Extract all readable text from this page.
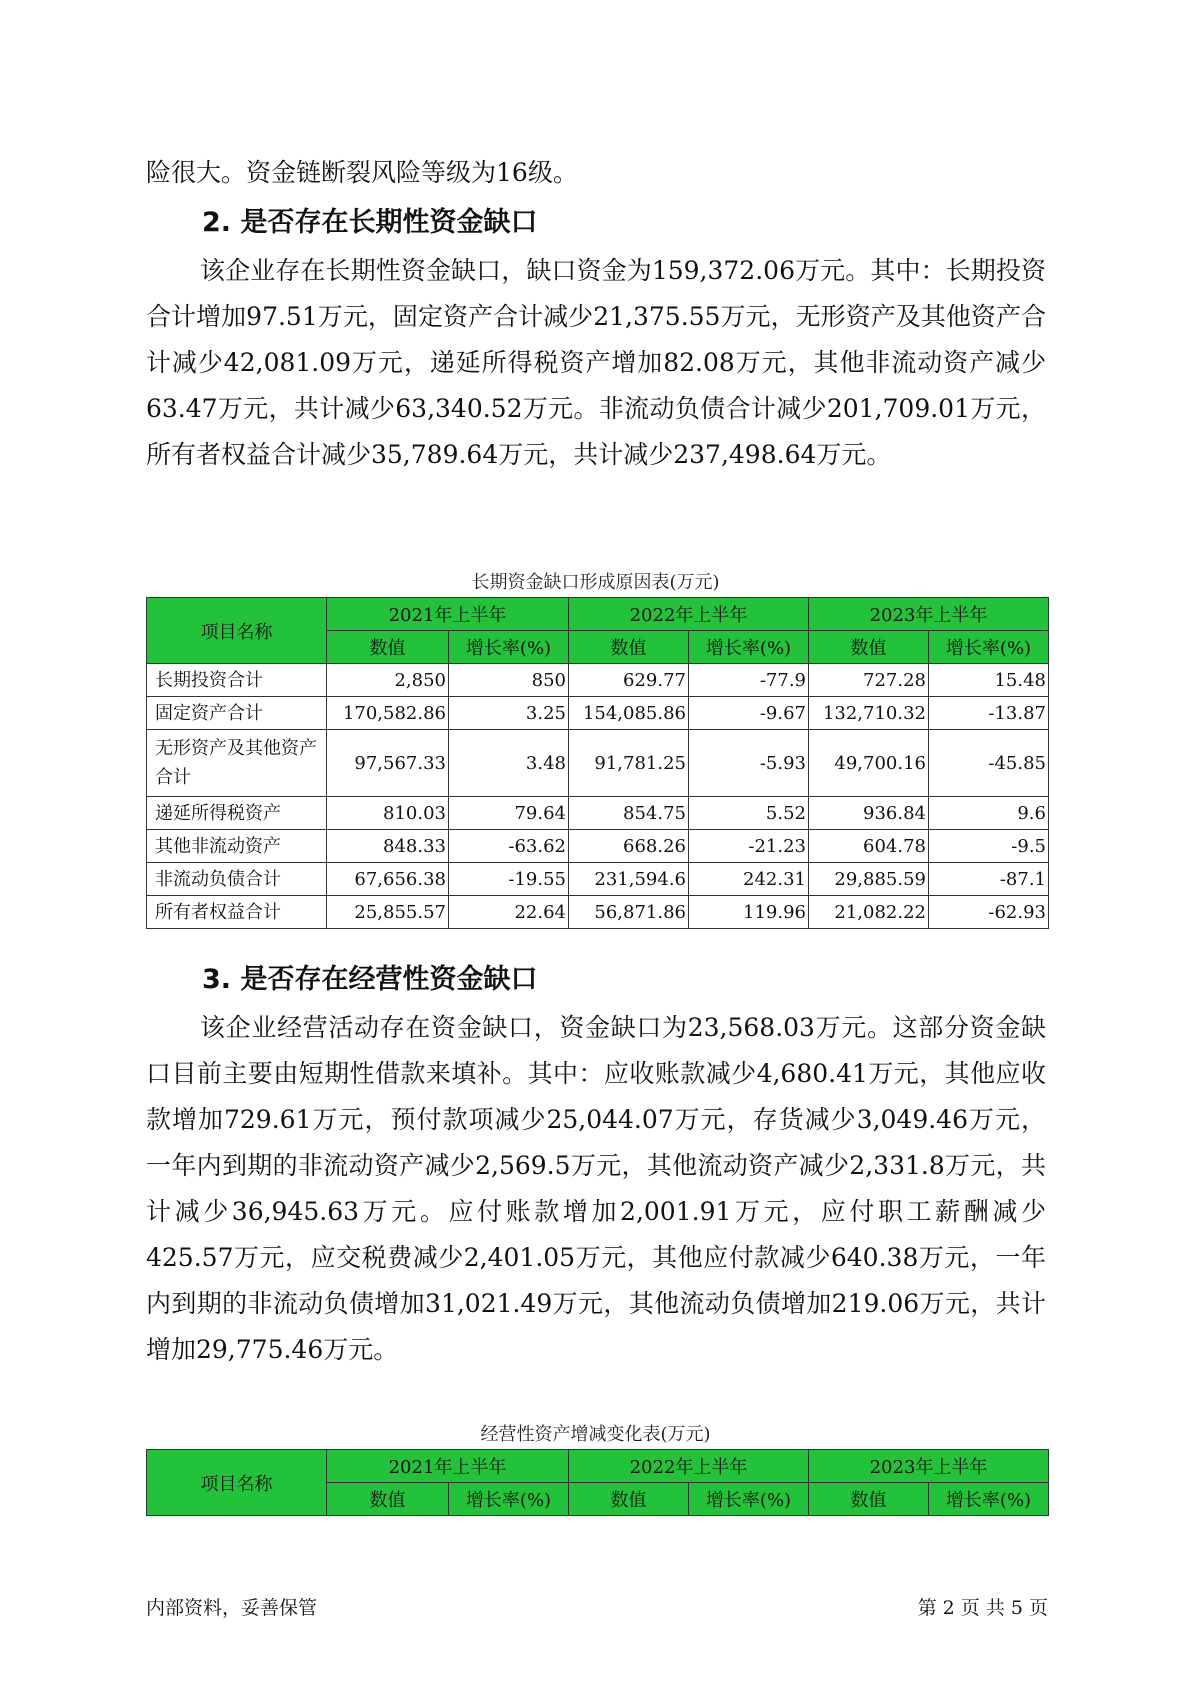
险很大。资金链断裂风险等级为16级。

2. 是否存在长期性资金缺口

该企业存在长期性资金缺口，缺口资金为159,372.06万元。其中：长期投资合计增加97.51万元，固定资产合计减少21,375.55万元，无形资产及其他资产合计减少42,081.09万元，递延所得税资产增加82.08万元，其他非流动资产减少63.47万元，共计减少63,340.52万元。非流动负债合计减少201,709.01万元，所有者权益合计减少35,789.64万元，共计减少237,498.64万元。

长期资金缺口形成原因表(万元)

项目名称	2021年上半年		2022年上半年		2023年上半年	
	数值	增长率(%)	数值	增长率(%)	数值	增长率(%)
长期投资合计	2,850	850	629.77	-77.9	727.28	15.48
固定资产合计	170,582.86	3.25	154,085.86	-9.67	132,710.32	-13.87
无形资产及其他资产合计	97,567.33	3.48	91,781.25	-5.93	49,700.16	-45.85
递延所得税资产	810.03	79.64	854.75	5.52	936.84	9.6
其他非流动资产	848.33	-63.62	668.26	-21.23	604.78	-9.5
非流动负债合计	67,656.38	-19.55	231,594.6	242.31	29,885.59	-87.1
所有者权益合计	25,855.57	22.64	56,871.86	119.96	21,082.22	-62.93
3. 是否存在经营性资金缺口

该企业经营活动存在资金缺口，资金缺口为23,568.03万元。这部分资金缺口目前主要由短期性借款来填补。其中：应收账款减少4,680.41万元，其他应收款增加729.61万元，预付款项减少25,044.07万元，存货减少3,049.46万元，一年内到期的非流动资产减少2,569.5万元，其他流动资产减少2,331.8万元，共计减少36,945.63万元。应付账款增加2,001.91万元，应付职工薪酬减少425.57万元，应交税费减少2,401.05万元，其他应付款减少640.38万元，一年内到期的非流动负债增加31,021.49万元，其他流动负债增加219.06万元，共计增加29,775.46万元。

经营性资产增减变化表(万元)

项目名称	2021年上半年		2022年上半年		2023年上半年	
	数值	增长率(%)	数值	增长率(%)	数值	增长率(%)

内部资料，妥善保管	第 2 页 共 5 页
